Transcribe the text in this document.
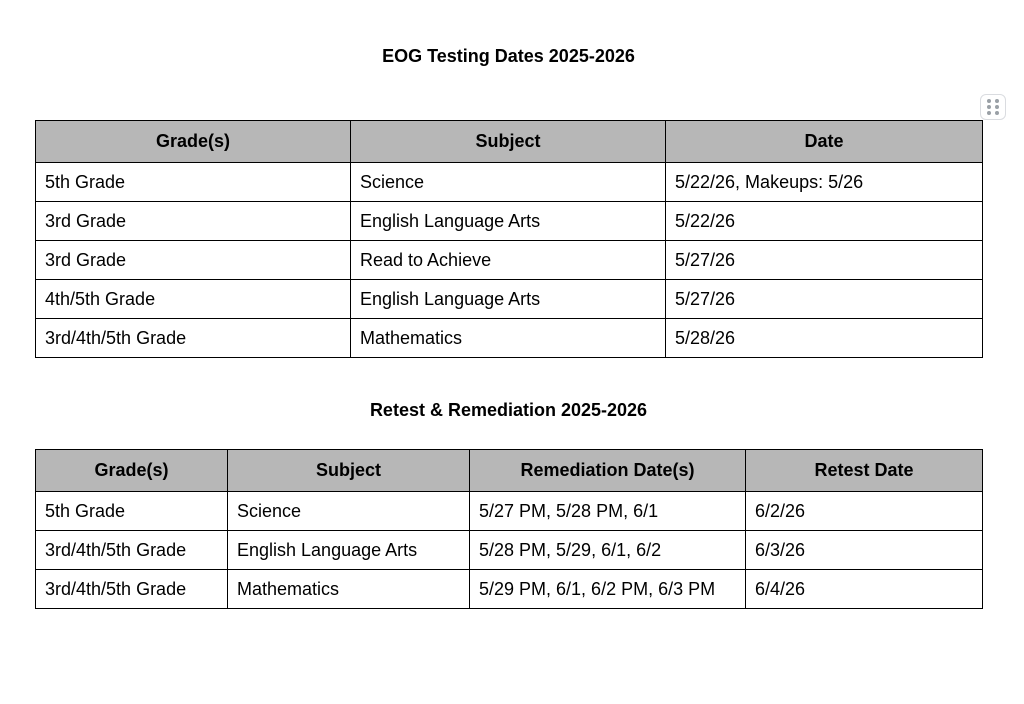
EOG Testing Dates 2025-2026
Grade(s)	Subject	Date
5th Grade	Science	5/22/26, Makeups: 5/26
3rd Grade	English Language Arts	5/22/26
3rd Grade	Read to Achieve	5/27/26
4th/5th Grade	English Language Arts	5/27/26
3rd/4th/5th Grade	Mathematics	5/28/26
Retest & Remediation 2025-2026
Grade(s)	Subject	Remediation Date(s)	Retest Date
5th Grade	Science	5/27 PM, 5/28 PM, 6/1	6/2/26
3rd/4th/5th Grade	English Language Arts	5/28 PM, 5/29, 6/1, 6/2	6/3/26
3rd/4th/5th Grade	Mathematics	5/29 PM, 6/1, 6/2 PM, 6/3 PM	6/4/26
